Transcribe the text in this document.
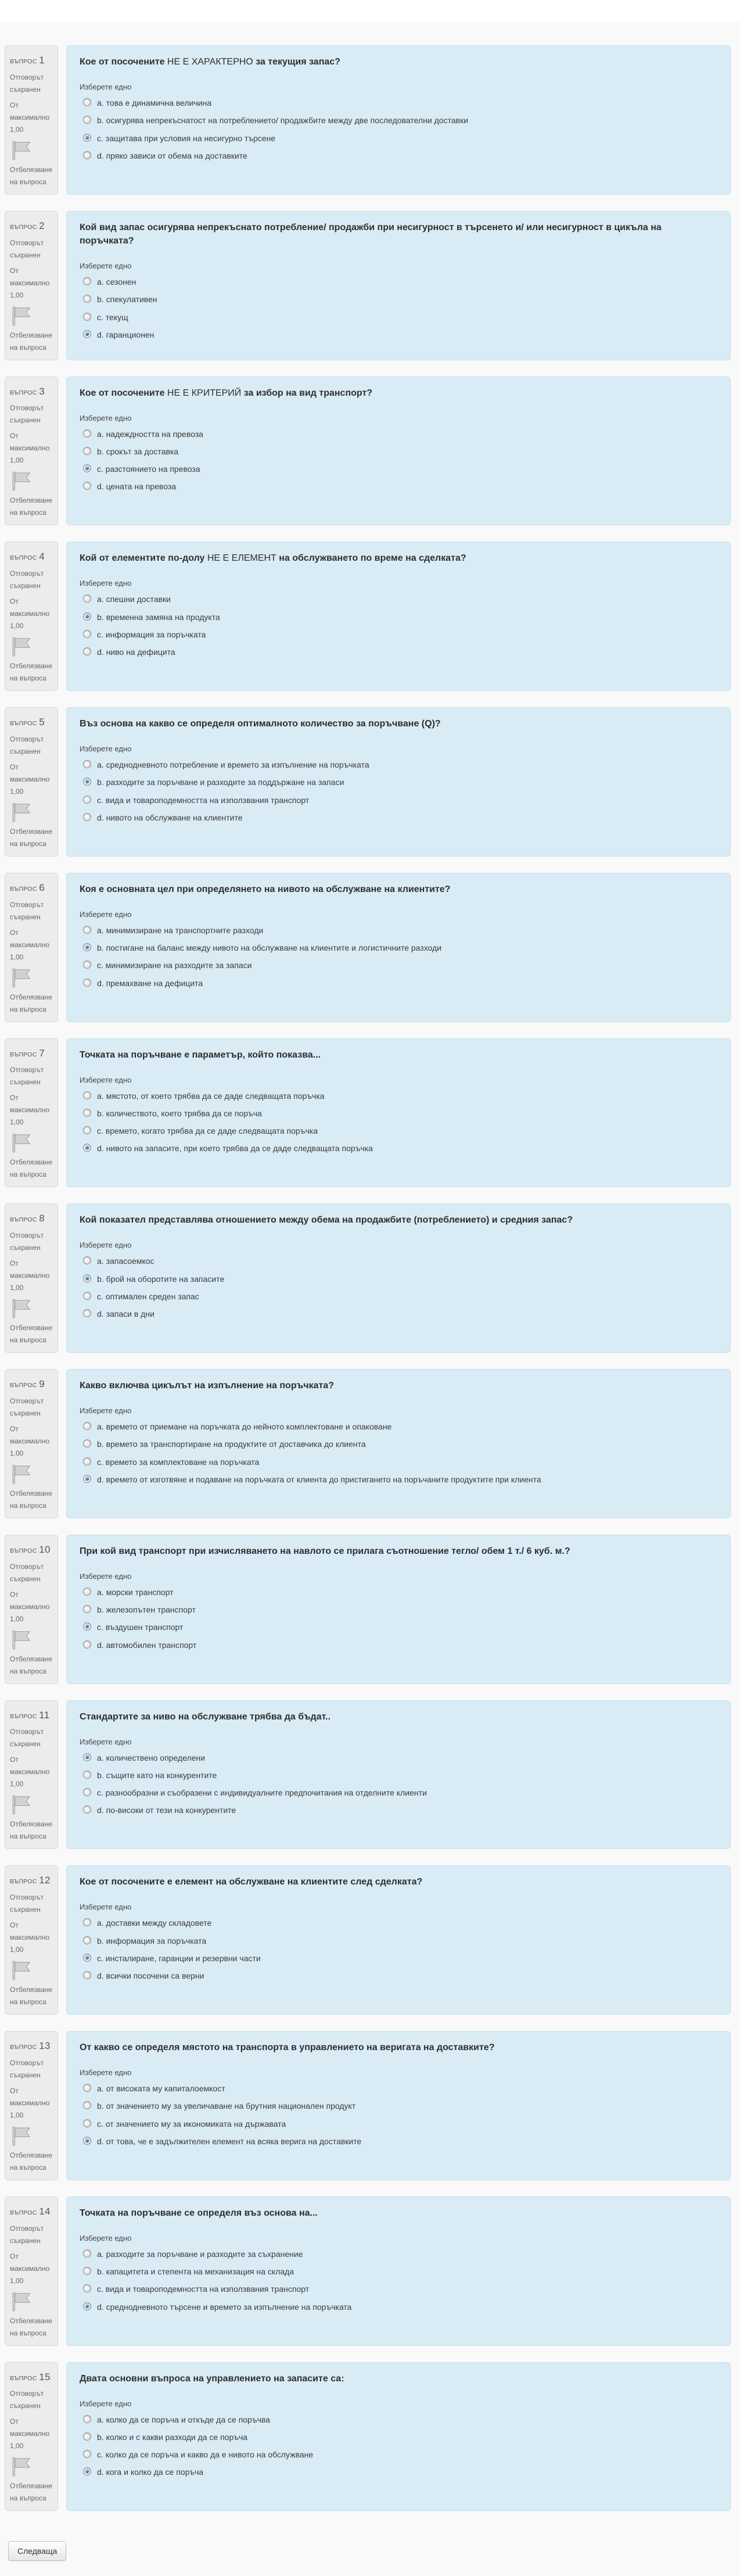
ВЪПРОС 1
Отговорът съхранен
От максимално 1,00
Отбелязване на въпроса
Кое от посочените НЕ Е ХАРАКТЕРНО за текущия запас?
Изберете едно
a. това е динамична величина
b. осигурява непрекъснатост на потреблението/ продажбите между две последователни доставки
c. защитава при условия на несигурно търсене
d. пряко зависи от обема на доставките
ВЪПРОС 2
Отговорът съхранен
От максимално 1,00
Отбелязване на въпроса
Кой вид запас осигурява непрекъснато потребление/ продажби при несигурност в търсенето и/ или несигурност в цикъла на поръчката?
Изберете едно
a. сезонен
b. спекулативен
c. текущ
d. гаранционен
ВЪПРОС 3
Отговорът съхранен
От максимално 1,00
Отбелязване на въпроса
Кое от посочените НЕ Е КРИТЕРИЙ за избор на вид транспорт?
Изберете едно
a. надеждността на превоза
b. срокът за доставка
c. разстоянието на превоза
d. цената на превоза
ВЪПРОС 4
Отговорът съхранен
От максимално 1,00
Отбелязване на въпроса
Кой от елементите по-долу НЕ Е ЕЛЕМЕНТ на обслужването по време на сделката?
Изберете едно
a. спешни доставки
b. временна замяна на продукта
c. информация за поръчката
d. ниво на дефицита
ВЪПРОС 5
Отговорът съхранен
От максимално 1,00
Отбелязване на въпроса
Въз основа на какво се определя оптималното количество за поръчване (Q)?
Изберете едно
a. среднодневното потребление и времето за изпълнение на поръчката
b. разходите за поръчване и разходите за поддържане на запаси
c. вида и товароподемността на използвания транспорт
d. нивото на обслужване на клиентите
ВЪПРОС 6
Отговорът съхранен
От максимално 1,00
Отбелязване на въпроса
Коя е основната цел при определянето на нивото на обслужване на клиентите?
Изберете едно
a. минимизиране на транспортните разходи
b. постигане на баланс между нивото на обслужване на клиентите и логистичните разходи
c. минимизиране на разходите за запаси
d. премахване на дефицита
ВЪПРОС 7
Отговорът съхранен
От максимално 1,00
Отбелязване на въпроса
Точката на поръчване е параметър, който показва...
Изберете едно
a. мястото, от което трябва да се даде следващата поръчка
b. количеството, което трябва да се поръча
c. времето, когато трябва да се даде следващата поръчка
d. нивото на запасите, при което трябва да се даде следващата поръчка
ВЪПРОС 8
Отговорът съхранен
От максимално 1,00
Отбелязване на въпроса
Кой показател представлява отношението между обема на продажбите (потреблението) и средния запас?
Изберете едно
a. запасоемкос
b. брой на оборотите на запасите
c. оптимален среден запас
d. запаси в дни
ВЪПРОС 9
Отговорът съхранен
От максимално 1,00
Отбелязване на въпроса
Какво включва цикълът на изпълнение на поръчката?
Изберете едно
a. времето от приемане на поръчката до нейното комплектоване и опаковане
b. времето за транспортиране на продуктите от доставчика до клиента
c. времето за комплектоване на поръчката
d. времето от изготвяне и подаване на поръчката от клиента до пристигането на поръчаните продуктите при клиента
ВЪПРОС 10
Отговорът съхранен
От максимално 1,00
Отбелязване на въпроса
При кой вид транспорт при изчисляването на навлото се прилага съотношение тегло/ обем 1 т./ 6 куб. м.?
Изберете едно
a. морски транспорт
b. железопътен транспорт
c. въздушен транспорт
d. автомобилен транспорт
ВЪПРОС 11
Отговорът съхранен
От максимално 1,00
Отбелязване на въпроса
Стандартите за ниво на обслужване трябва да бъдат..
Изберете едно
a. количествено определени
b. същите като на конкурентите
c. разнообразни и съобразени с индивидуалните предпочитания на отделните клиенти
d. по-високи от тези на конкурентите
ВЪПРОС 12
Отговорът съхранен
От максимално 1,00
Отбелязване на въпроса
Кое от посочените е елемент на обслужване на клиентите след сделката?
Изберете едно
a. доставки между складовете
b. информация за поръчката
c. инсталиране, гаранции и резервни части
d. всички посочени са верни
ВЪПРОС 13
Отговорът съхранен
От максимално 1,00
Отбелязване на въпроса
От какво се определя мястото на транспорта в управлението на веригата на доставките?
Изберете едно
a. от високата му капиталоемкост
b. от значението му за увеличаване на брутния национален продукт
c. от значението му за икономиката на държавата
d. от това, че е задължителен елемент на всяка верига на доставките
ВЪПРОС 14
Отговорът съхранен
От максимално 1,00
Отбелязване на въпроса
Точката на поръчване се определя въз основа на...
Изберете едно
a. разходите за поръчване и разходите за съхранение
b. капацитета и степента на механизация на склада
c. вида и товароподемността на използвания транспорт
d. среднодневното търсене и времето за изпълнение на поръчката
ВЪПРОС 15
Отговорът съхранен
От максимално 1,00
Отбелязване на въпроса
Двата основни въпроса на управлението на запасите са:
Изберете едно
a. колко да се поръча и откъде да се поръчва
b. колко и с какви разходи да се поръча
c. колко да се поръча и какво да е нивото на обслужване
d. кога и колко да се поръча
Следваща
